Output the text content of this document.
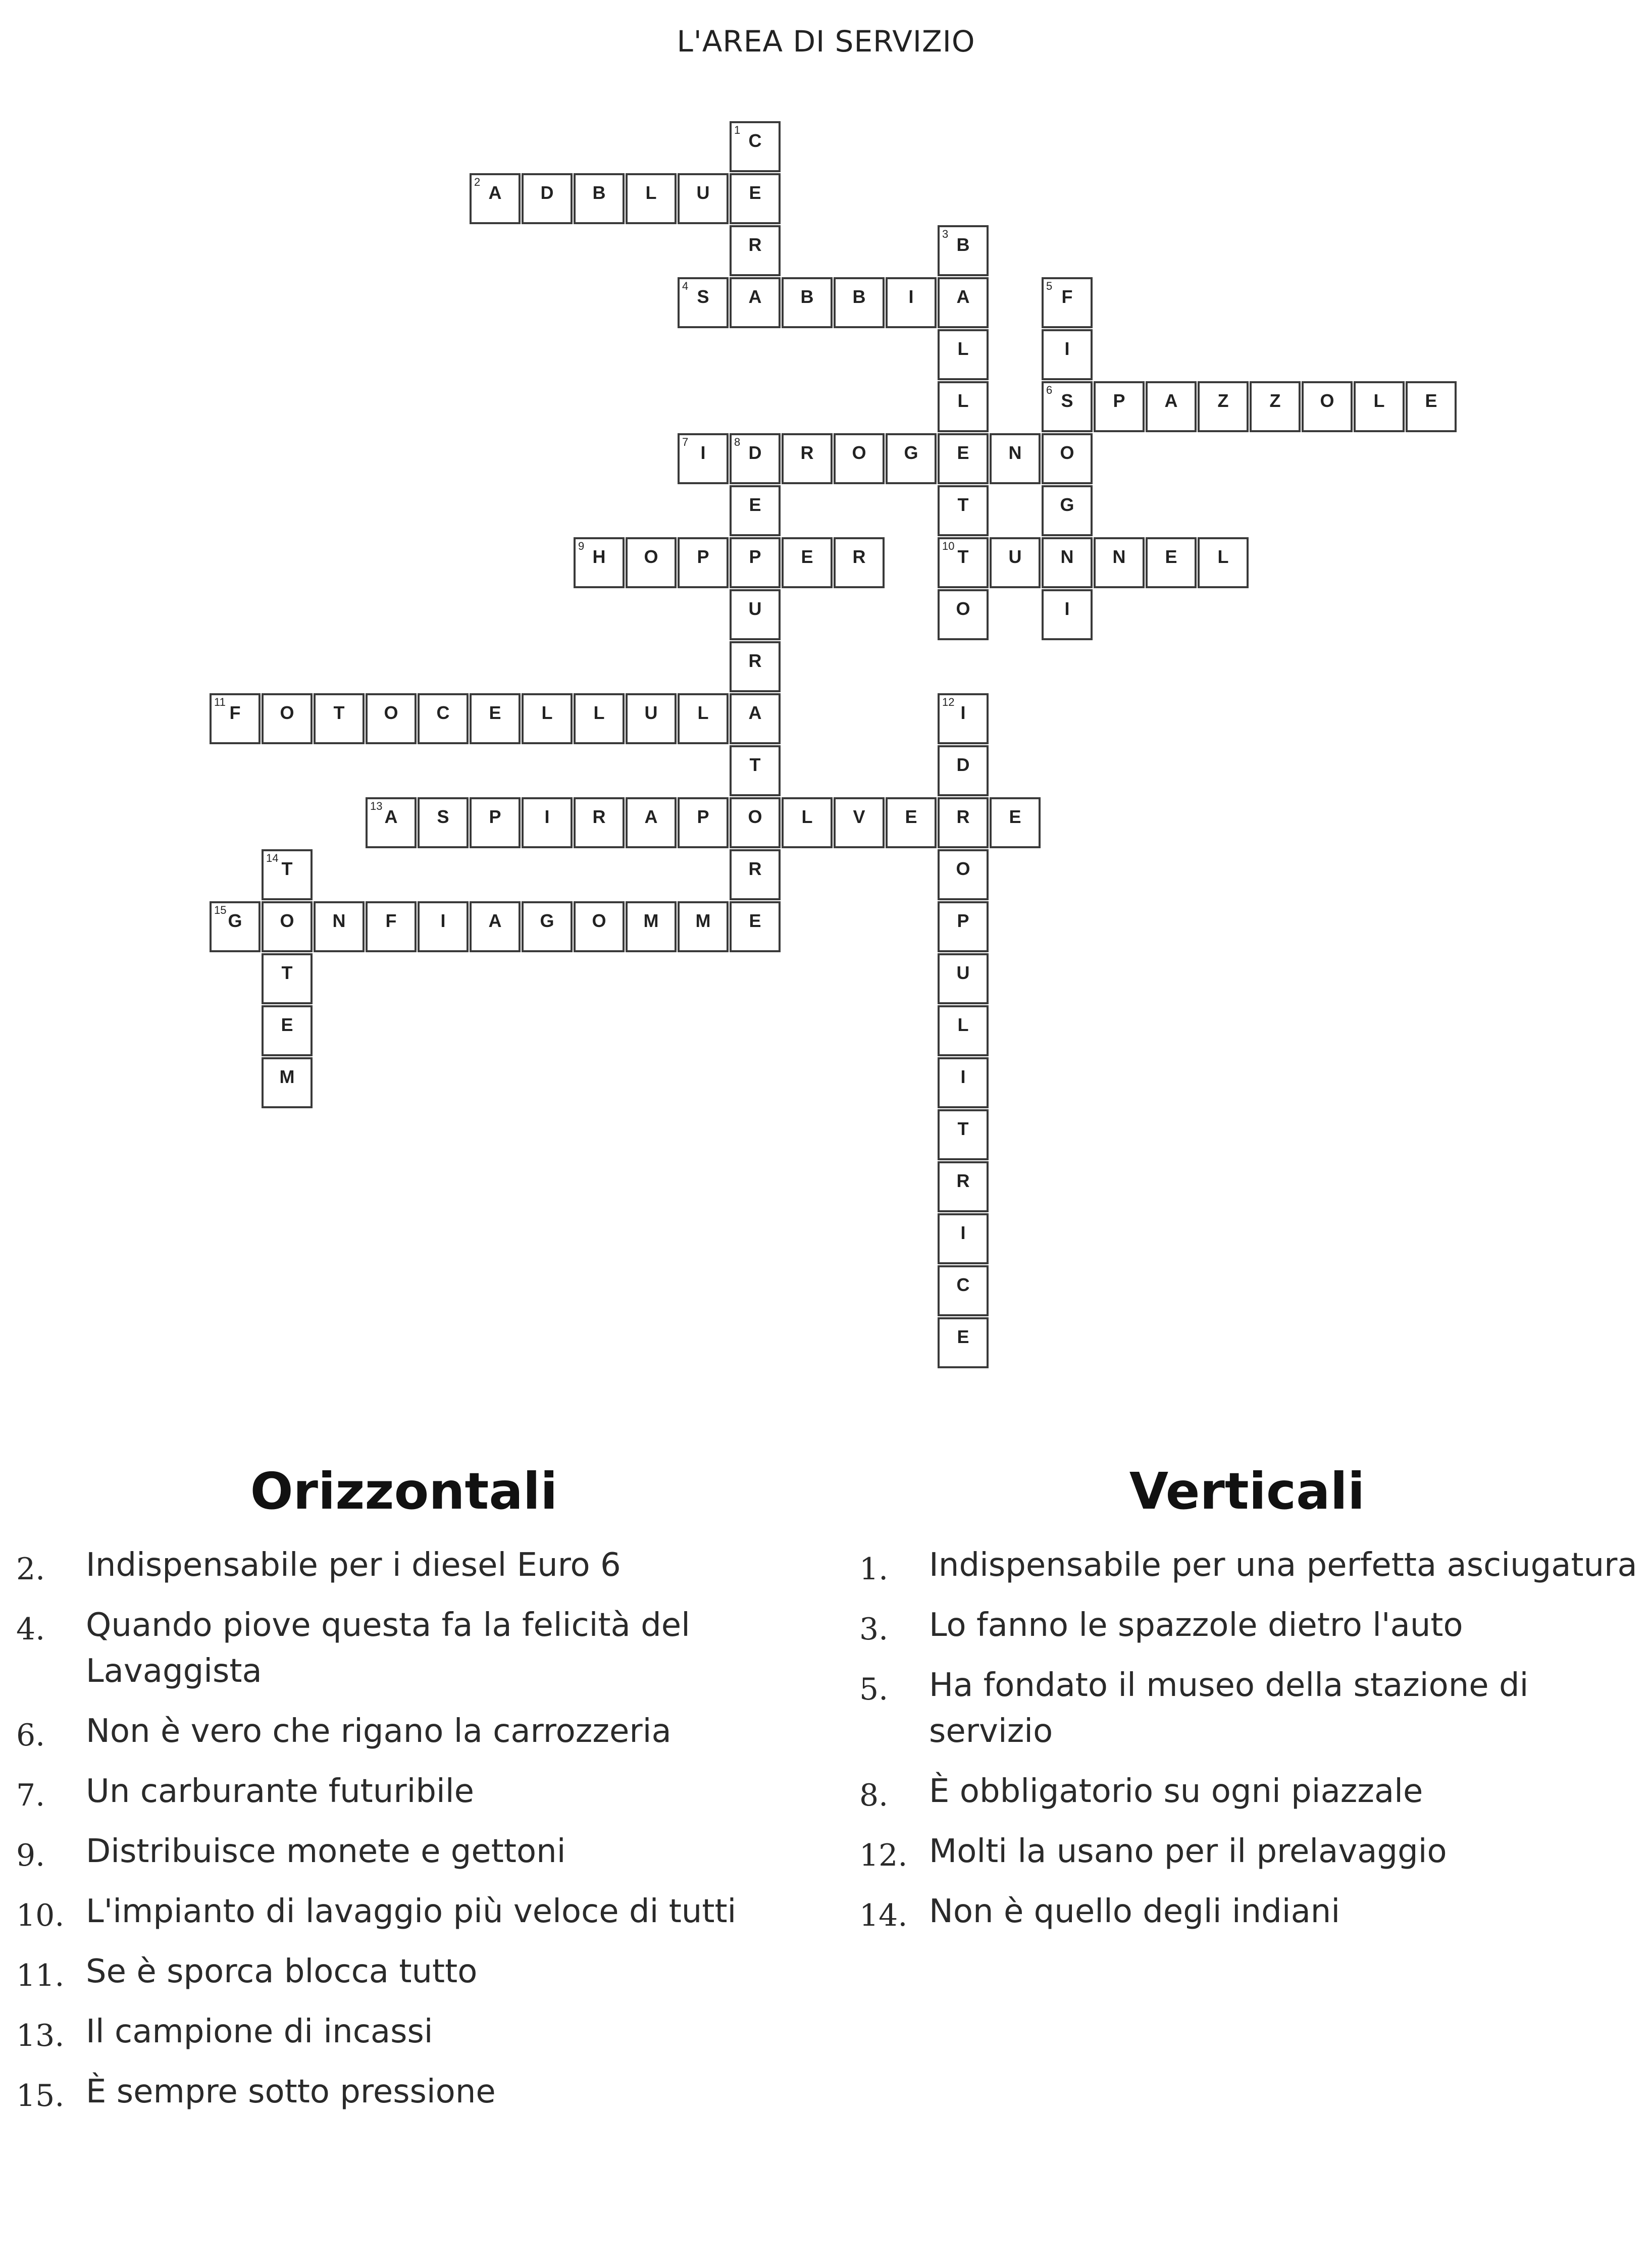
L'AREA DI SERVIZIO
1
C
E
R
A
2
A	D	B	L	U
3
B
A
L
L
E
T
10
T
O
4
S	B	B	I
5
F
I
6
S
O
G
N
I
P	A	Z	Z	O	L	E
7
I
8
D	R	O	G	N
E
P
U
R
A
T
O
R
E
9
H	O	P	E	R	U	N	E	L
11
F	O	T	O	C	E	L	L	U	L
12
I
D
R
O
P
U
L
I
T
R
I
C
E
13
A	S	P	I	R	A	P	L	V	E	E
14
T
O
T
E
M
15
G	N	F	I	A	G	O	M	M
Orizzontali	Verticali
2. Indispensabile per i diesel Euro 6
4. Quando piove questa fa la felicità del Lavaggista
6. Non è vero che rigano la carrozzeria
7. Un carburante futuribile
9. Distribuisce monete e gettoni
10. L'impianto di lavaggio più veloce di tutti
11. Se è sporca blocca tutto
13. Il campione di incassi
15. È sempre sotto pressione
1. Indispensabile per una perfetta asciugatura
3. Lo fanno le spazzole dietro l'auto
5. Ha fondato il museo della stazione di servizio
8. È obbligatorio su ogni piazzale
12. Molti la usano per il prelavaggio
14. Non è quello degli indiani
